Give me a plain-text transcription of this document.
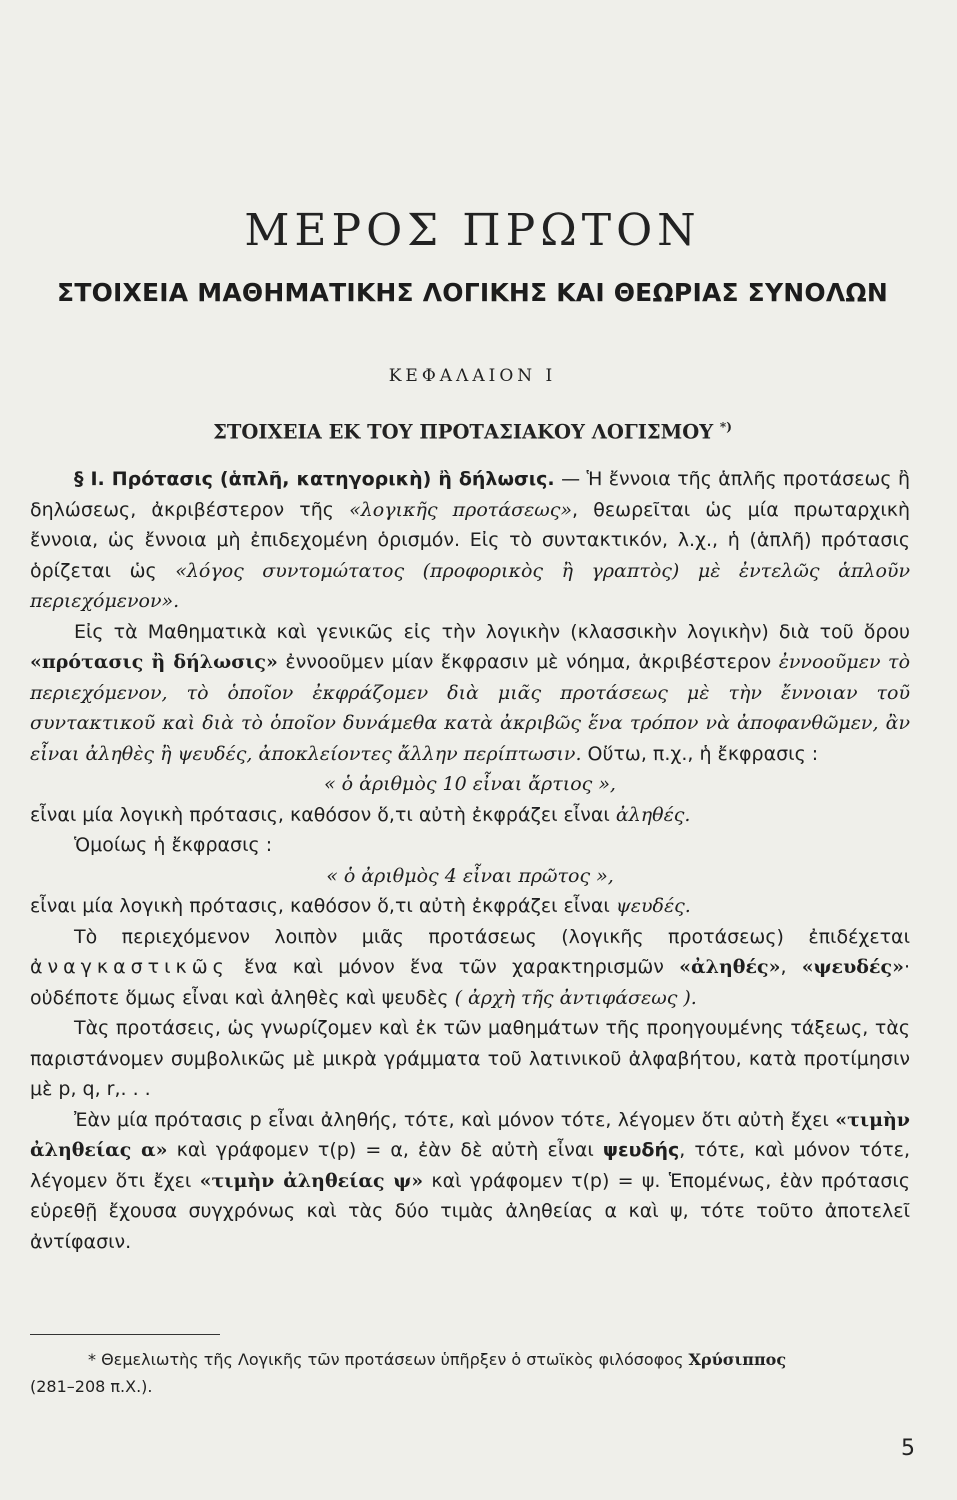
ΜΕΡΟΣ ΠΡΩΤΟΝ
ΣΤΟΙΧΕΙΑ ΜΑΘΗΜΑΤΙΚΗΣ ΛΟΓΙΚΗΣ ΚΑΙ ΘΕΩΡΙΑΣ ΣΥΝΟΛΩΝ
ΚΕΦΑΛΑΙΟΝ Ι
ΣΤΟΙΧΕΙΑ ΕΚ ΤΟΥ ΠΡΟΤΑΣΙΑΚΟΥ ΛΟΓΙΣΜΟΥ *)

§ Ι. Πρότασις (ἁπλῆ, κατηγορικὴ) ἢ δήλωσις. — Ἡ ἔννοια τῆς ἁπλῆς προτάσεως ἢ δηλώσεως, ἀκριβέστερον τῆς «λογικῆς προτάσεως», θεωρεῖται ὡς μία πρωταρχικὴ ἔννοια, ὡς ἔννοια μὴ ἐπιδεχομένη ὁρισμόν. Εἰς τὸ συντακτικόν, λ.χ., ἡ (ἁπλῆ) πρότασις ὁρίζεται ὡς «λόγος συντομώτατος (προφορικὸς ἢ γραπτὸς) μὲ ἐντελῶς ἁπλοῦν περιεχόμενον».

Εἰς τὰ Μαθηματικὰ καὶ γενικῶς εἰς τὴν λογικὴν (κλασσικὴν λογικὴν) διὰ τοῦ ὅρου «πρότασις ἢ δήλωσις» ἐννοοῦμεν μίαν ἔκφρασιν μὲ νόημα, ἀκριβέστερον ἐννοοῦμεν τὸ περιεχόμενον, τὸ ὁποῖον ἐκφράζομεν διὰ μιᾶς προτάσεως μὲ τὴν ἔννοιαν τοῦ συντακτικοῦ καὶ διὰ τὸ ὁποῖον δυνάμεθα κατὰ ἀκριβῶς ἕνα τρόπον νὰ ἀποφανθῶμεν, ἂν εἶναι ἀληθὲς ἢ ψευδές, ἀποκλείοντες ἄλλην περίπτωσιν. Οὕτω, π.χ., ἡ ἔκφρασις :

« ὁ ἀριθμὸς 10 εἶναι ἄρτιος »,

εἶναι μία λογικὴ πρότασις, καθόσον ὅ,τι αὐτὴ ἐκφράζει εἶναι ἀληθές.

Ὁμοίως ἡ ἔκφρασις :

« ὁ ἀριθμὸς 4 εἶναι πρῶτος »,

εἶναι μία λογικὴ πρότασις, καθόσον ὅ,τι αὐτὴ ἐκφράζει εἶναι ψευδές.

Τὸ περιεχόμενον λοιπὸν μιᾶς προτάσεως (λογικῆς προτάσεως) ἐπιδέχεται ἀναγκαστικῶς ἕνα καὶ μόνον ἕνα τῶν χαρακτηρισμῶν «ἀληθές», «ψευδές»· οὐδέποτε ὅμως εἶναι καὶ ἀληθὲς καὶ ψευδὲς ( ἀρχὴ τῆς ἀντιφάσεως ).

Τὰς προτάσεις, ὡς γνωρίζομεν καὶ ἐκ τῶν μαθημάτων τῆς προηγουμένης τάξεως, τὰς παριστάνομεν συμβολικῶς μὲ μικρὰ γράμματα τοῦ λατινικοῦ ἀλφαβήτου, κατὰ προτίμησιν μὲ p, q, r,. . .

Ἐὰν μία πρότασις p εἶναι ἀληθής, τότε, καὶ μόνον τότε, λέγομεν ὅτι αὐτὴ ἔχει «τιμὴν ἀληθείας α» καὶ γράφομεν τ(p) = α, ἐὰν δὲ αὐτὴ εἶναι ψευδής, τότε, καὶ μόνον τότε, λέγομεν ὅτι ἔχει «τιμὴν ἀληθείας ψ» καὶ γράφομεν τ(p) = ψ. Ἑπομένως, ἐὰν πρότασις εὑρεθῇ ἔχουσα συγχρόνως καὶ τὰς δύο τιμὰς ἀληθείας α καὶ ψ, τότε τοῦτο ἀποτελεῖ ἀντίφασιν.

* Θεμελιωτὴς τῆς Λογικῆς τῶν προτάσεων ὑπῆρξεν ὁ στωϊκὸς φιλόσοφος Χρύσιππος
(281–208 π.Χ.).
5
